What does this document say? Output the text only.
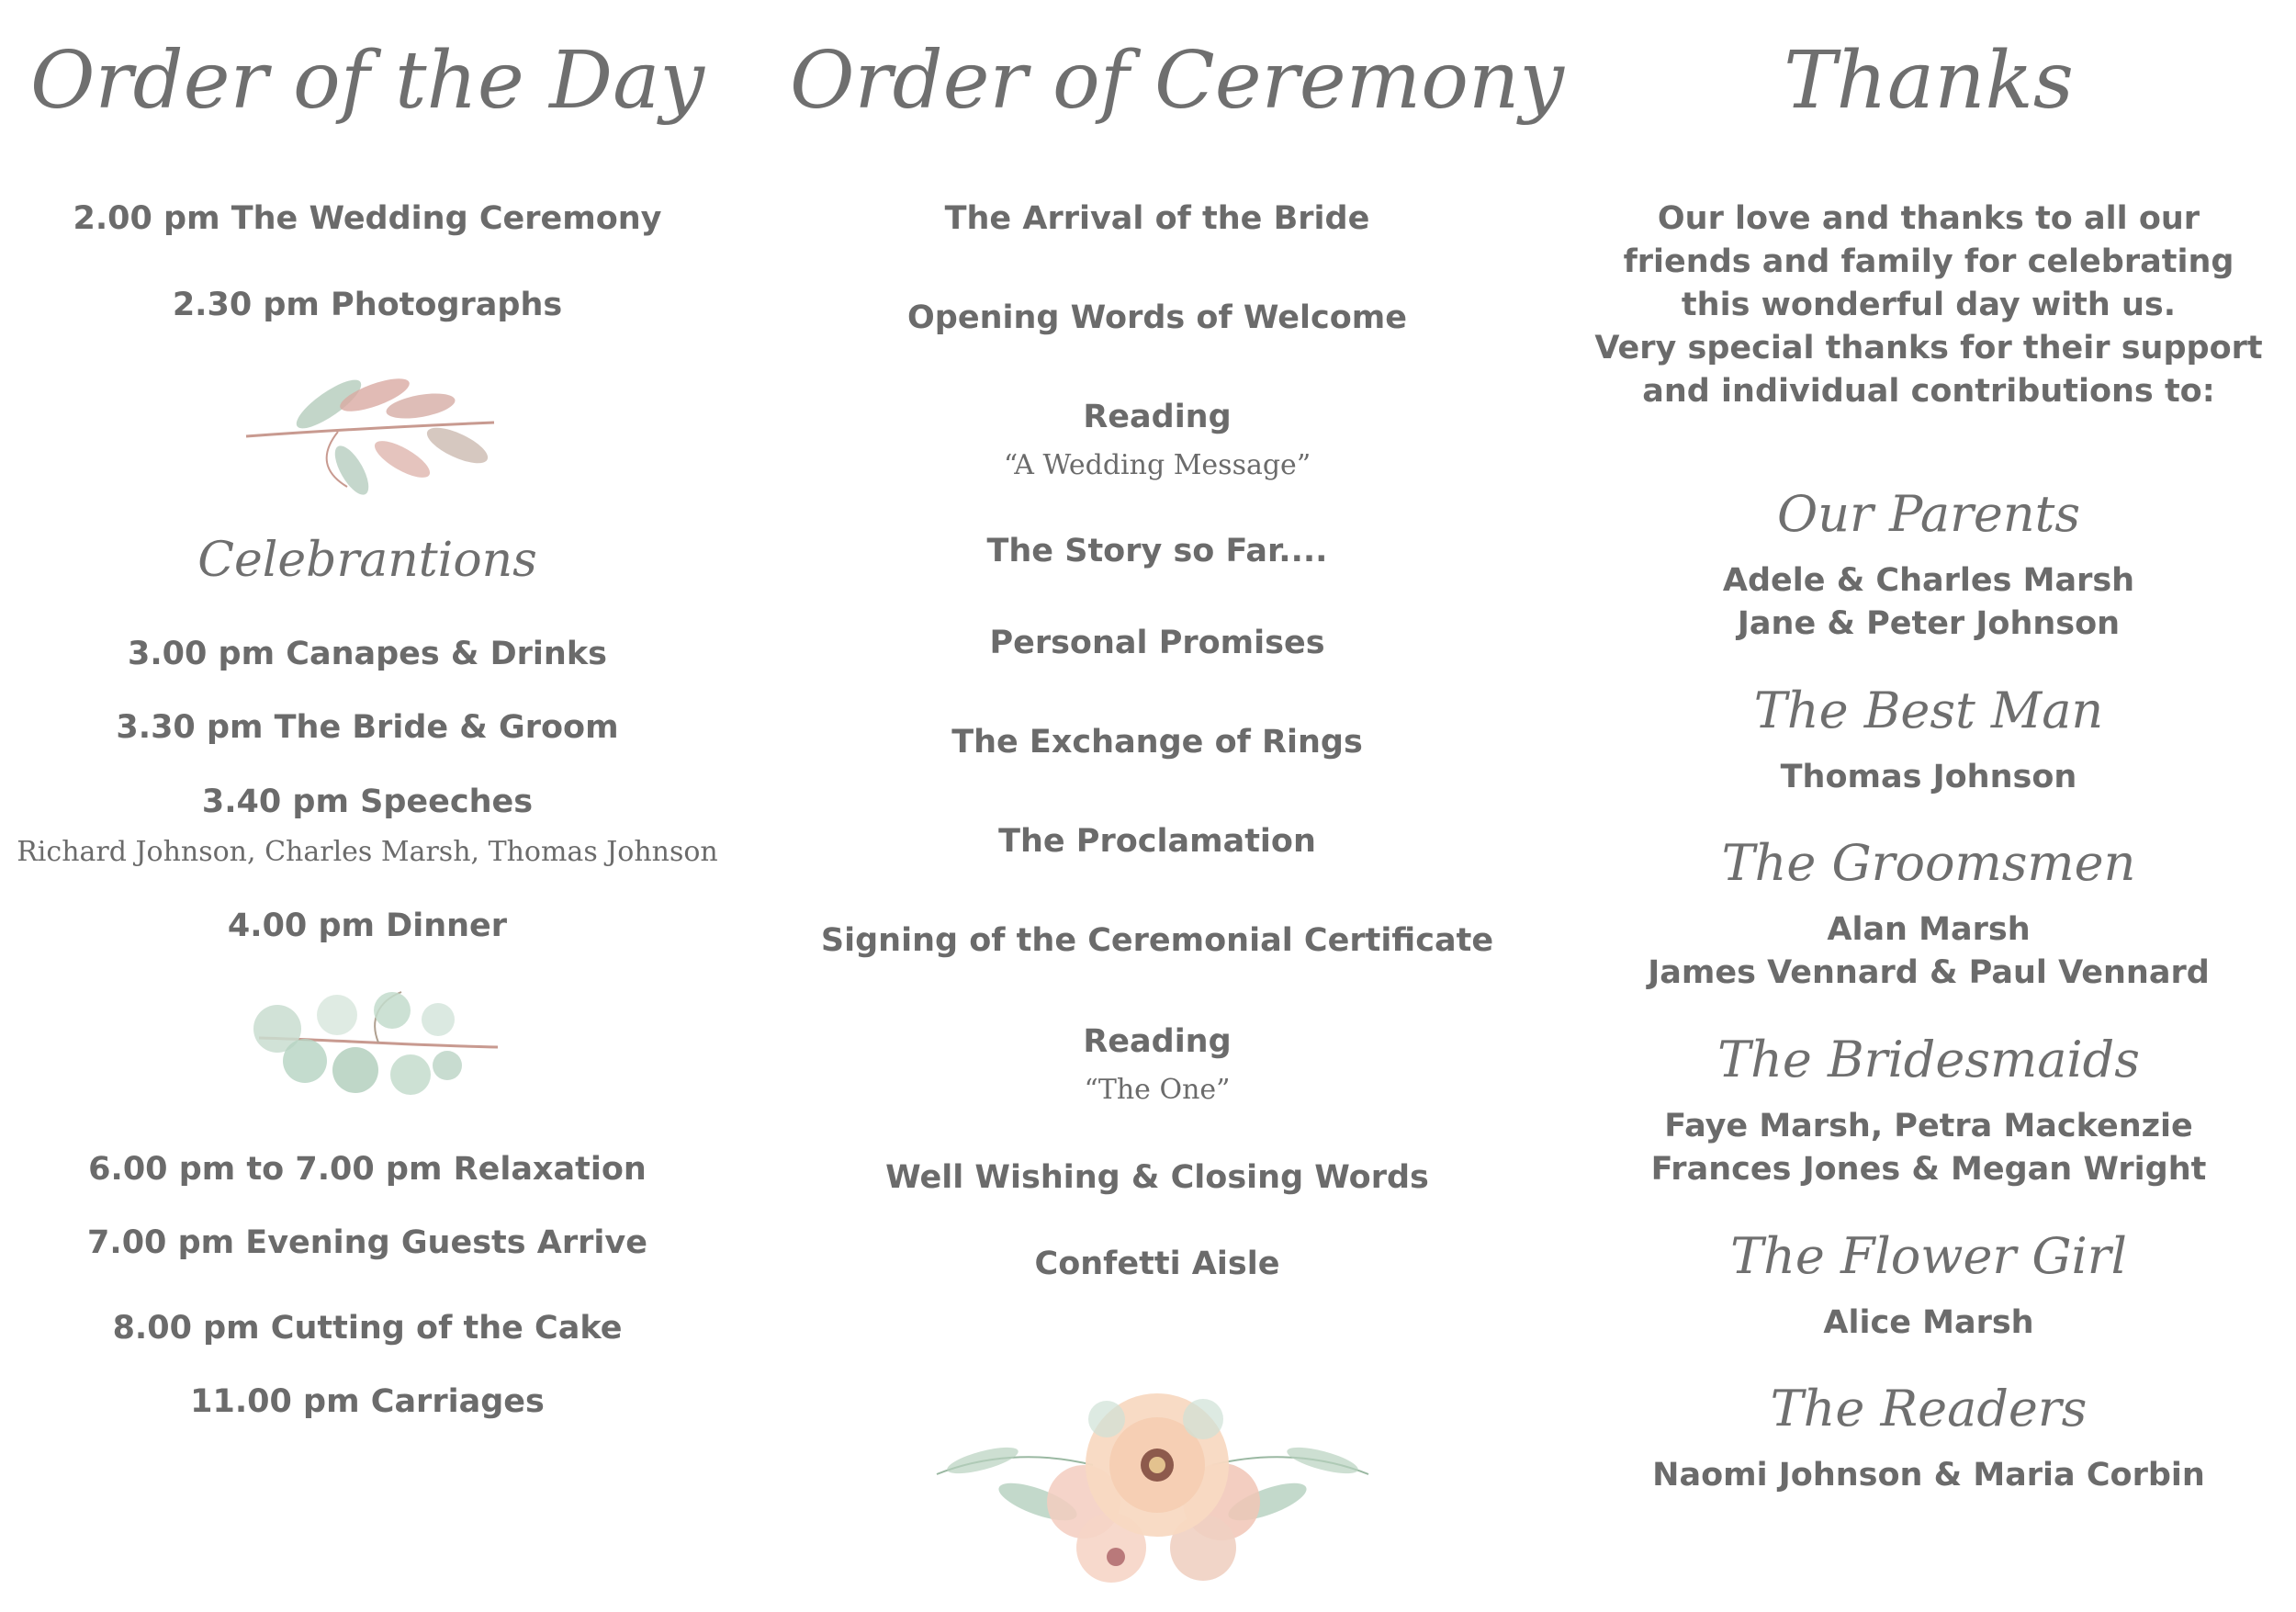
Order of the Day

2.00 pm The Wedding Ceremony

2.30 pm Photographs

Celebrantions

3.00 pm Canapes & Drinks

3.30 pm The Bride & Groom

3.40 pm Speeches

Richard Johnson, Charles Marsh, Thomas Johnson

4.00 pm Dinner

6.00 pm to 7.00 pm Relaxation

7.00 pm Evening Guests Arrive

8.00 pm Cutting of the Cake

11.00 pm Carriages

Order of Ceremony

The Arrival of the Bride

Opening Words of Welcome

Reading

“A Wedding Message”

The Story so Far....

Personal Promises

The Exchange of Rings

The Proclamation

Signing of the Ceremonial Certificate

Reading

“The One”

Well Wishing & Closing Words

Confetti Aisle

Thanks

Our love and thanks to all our

friends and family for celebrating

this wonderful day with us.

Very special thanks for their support

and individual contributions to:

Our Parents

Adele & Charles Marsh

Jane & Peter Johnson

The Best Man

Thomas Johnson

The Groomsmen

Alan Marsh

James Vennard & Paul Vennard

The Bridesmaids

Faye Marsh, Petra Mackenzie

Frances Jones & Megan Wright

The Flower Girl

Alice Marsh

The Readers

Naomi Johnson & Maria Corbin
